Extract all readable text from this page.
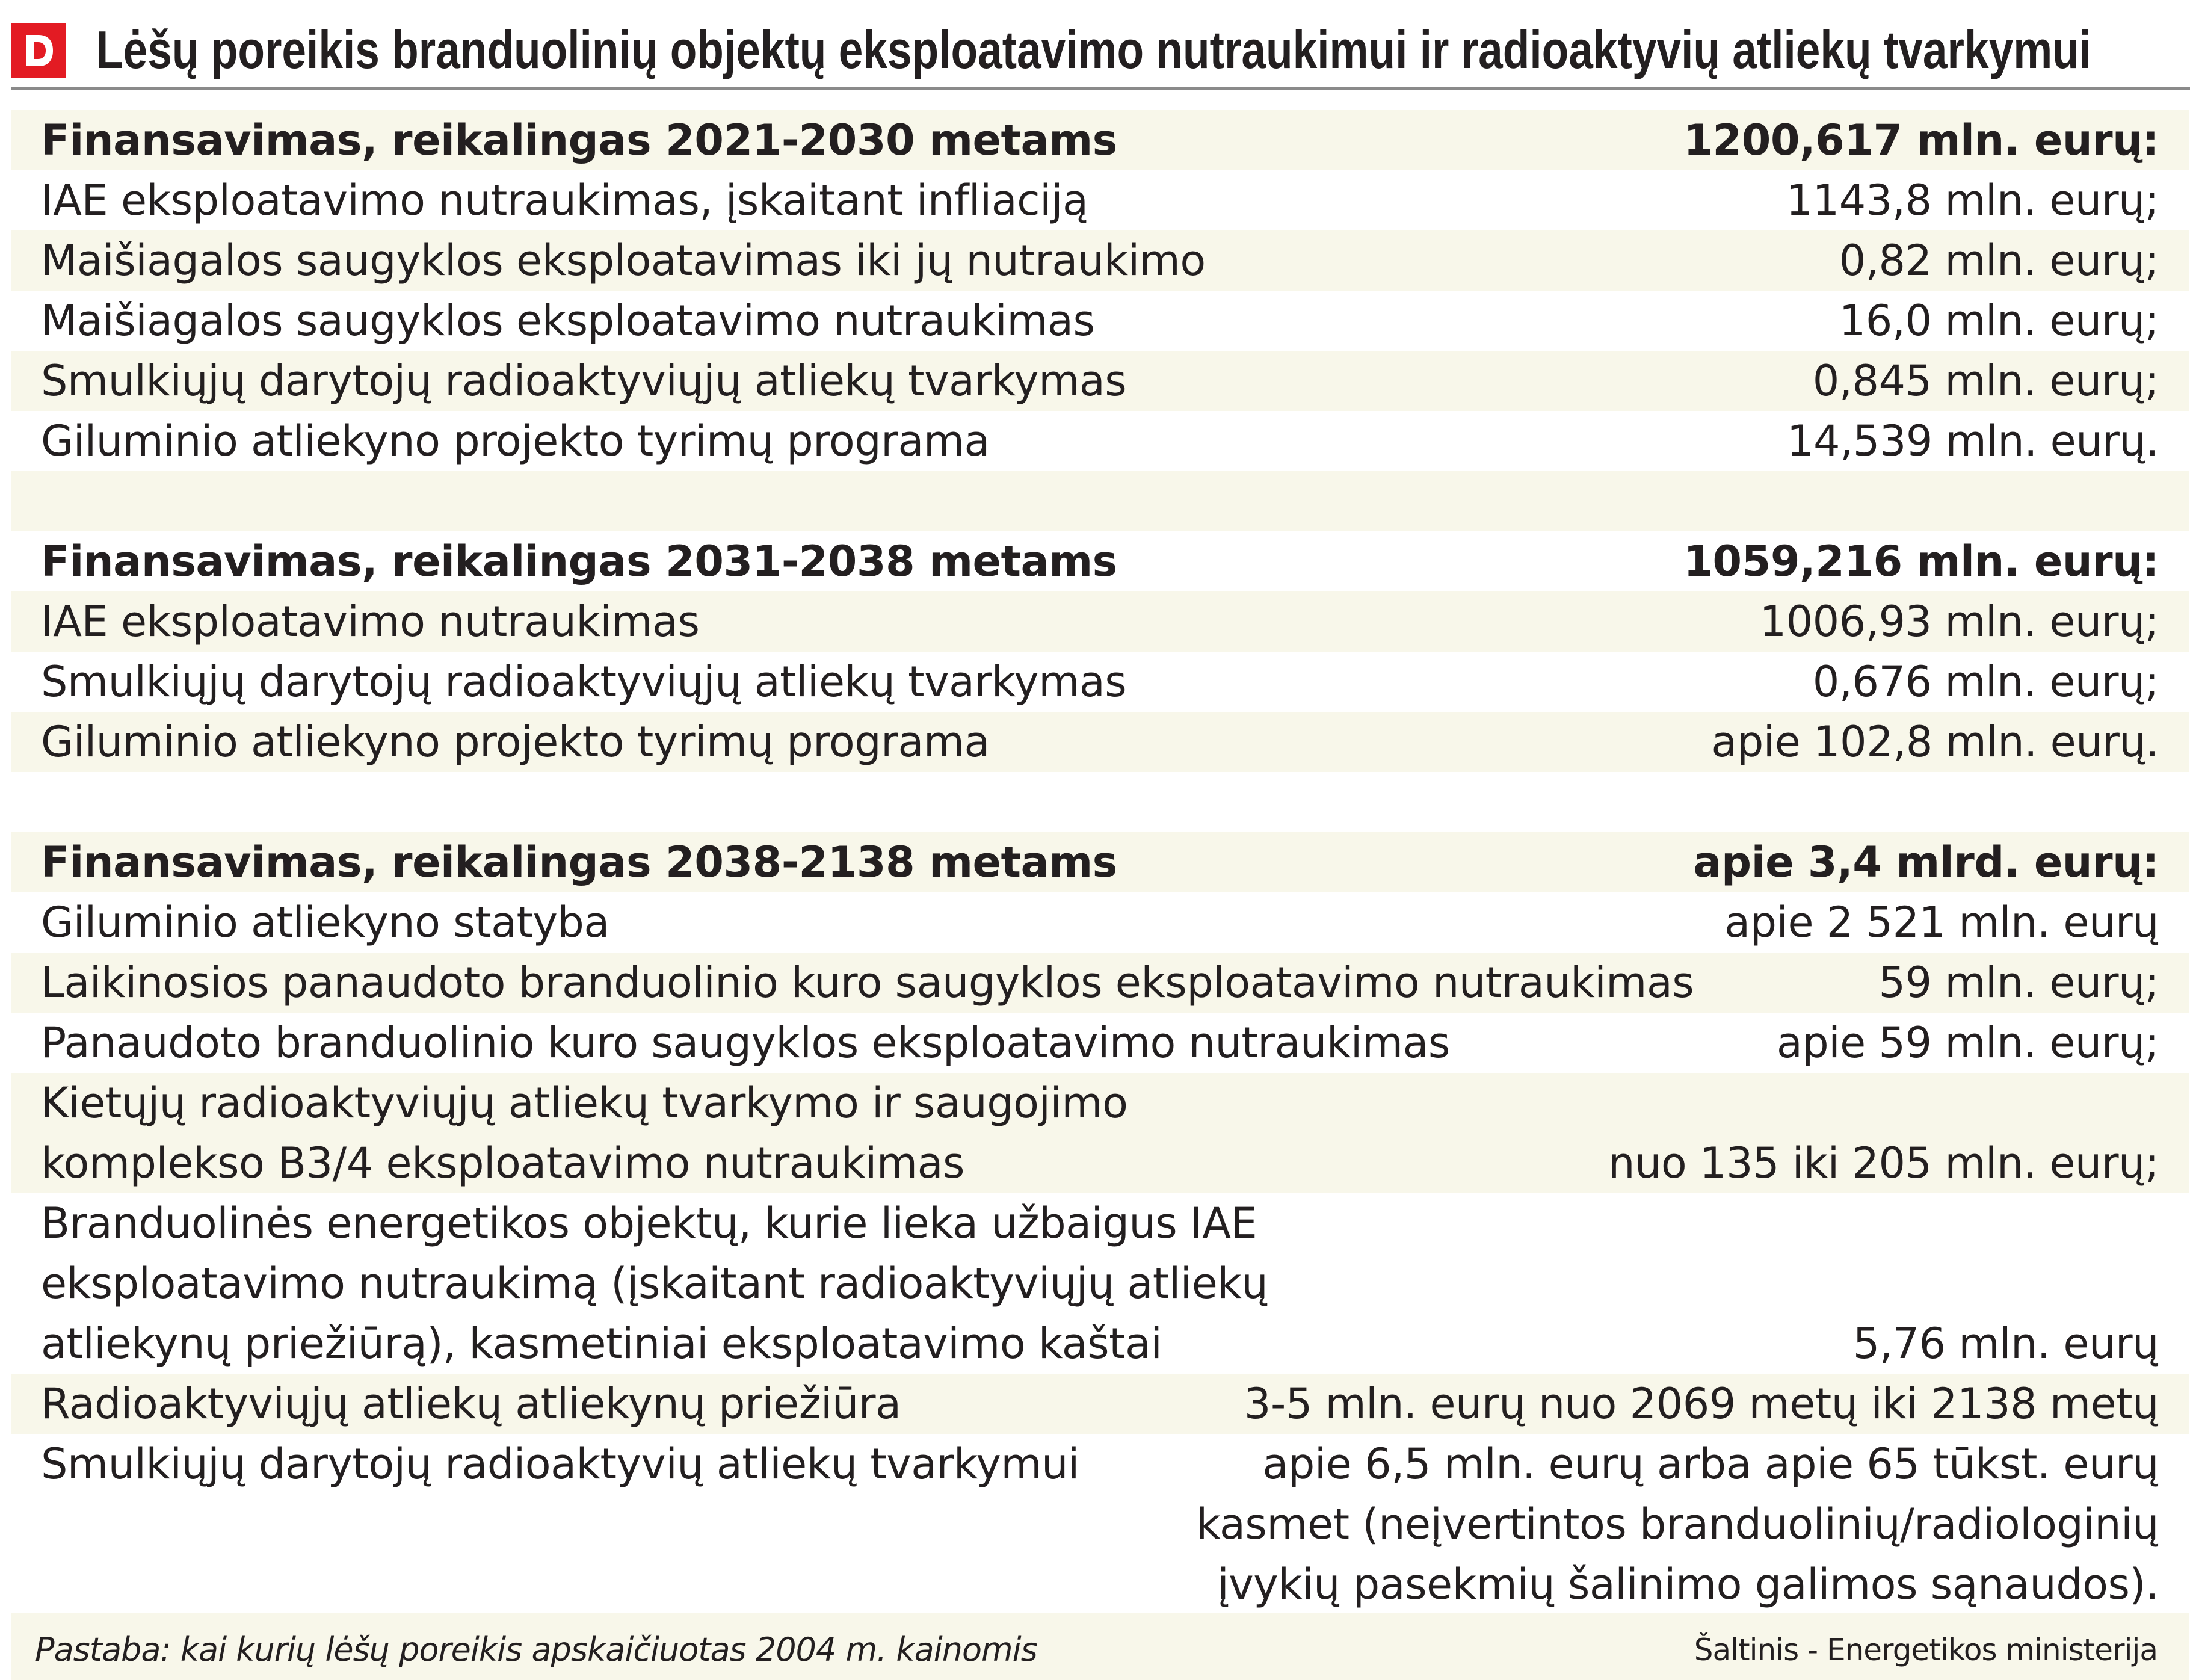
Lėšų poreikis branduolinių objektų eksploatavimo nutraukimui ir radioaktyvių atliekų tvarkymui
Finansavimas, reikalingas 2021-2030 metams	1200,617 mln. eurų:
IAE eksploatavimo nutraukimas, įskaitant infliaciją	1143,8 mln. eurų;
Maišiagalos saugyklos eksploatavimas iki jų nutraukimo	0,82 mln. eurų;
Maišiagalos saugyklos eksploatavimo nutraukimas	16,0 mln. eurų;
Smulkiųjų darytojų radioaktyviųjų atliekų tvarkymas	0,845 mln. eurų;
Giluminio atliekyno projekto tyrimų programa	14,539 mln. eurų.
Finansavimas, reikalingas 2031-2038 metams	1059,216 mln. eurų:
IAE eksploatavimo nutraukimas	1006,93 mln. eurų;
Smulkiųjų darytojų radioaktyviųjų atliekų tvarkymas	0,676 mln. eurų;
Giluminio atliekyno projekto tyrimų programa	apie 102,8 mln. eurų.
Finansavimas, reikalingas 2038-2138 metams	apie 3,4 mlrd. eurų:
Giluminio atliekyno statyba	apie 2 521 mln. eurų
Laikinosios panaudoto branduolinio kuro saugyklos eksploatavimo nutraukimas	59 mln. eurų;
Panaudoto branduolinio kuro saugyklos eksploatavimo nutraukimas	apie 59 mln. eurų;
Kietųjų radioaktyviųjų atliekų tvarkymo ir saugojimo
komplekso B3/4 eksploatavimo nutraukimas	nuo 135 iki 205 mln. eurų;
Branduolinės energetikos objektų, kurie lieka užbaigus IAE
eksploatavimo nutraukimą (įskaitant radioaktyviųjų atliekų
atliekynų priežiūrą), kasmetiniai eksploatavimo kaštai	5,76 mln. eurų
Radioaktyviųjų atliekų atliekynų priežiūra	3-5 mln. eurų nuo 2069 metų iki 2138 metų
Smulkiųjų darytojų radioaktyvių atliekų tvarkymui	apie 6,5 mln. eurų arba apie 65 tūkst. eurų
kasmet (neįvertintos branduolinių/radiologinių
įvykių pasekmių šalinimo galimos sąnaudos).
Pastaba: kai kurių lėšų poreikis apskaičiuotas 2004 m. kainomis	Šaltinis - Energetikos ministerija
